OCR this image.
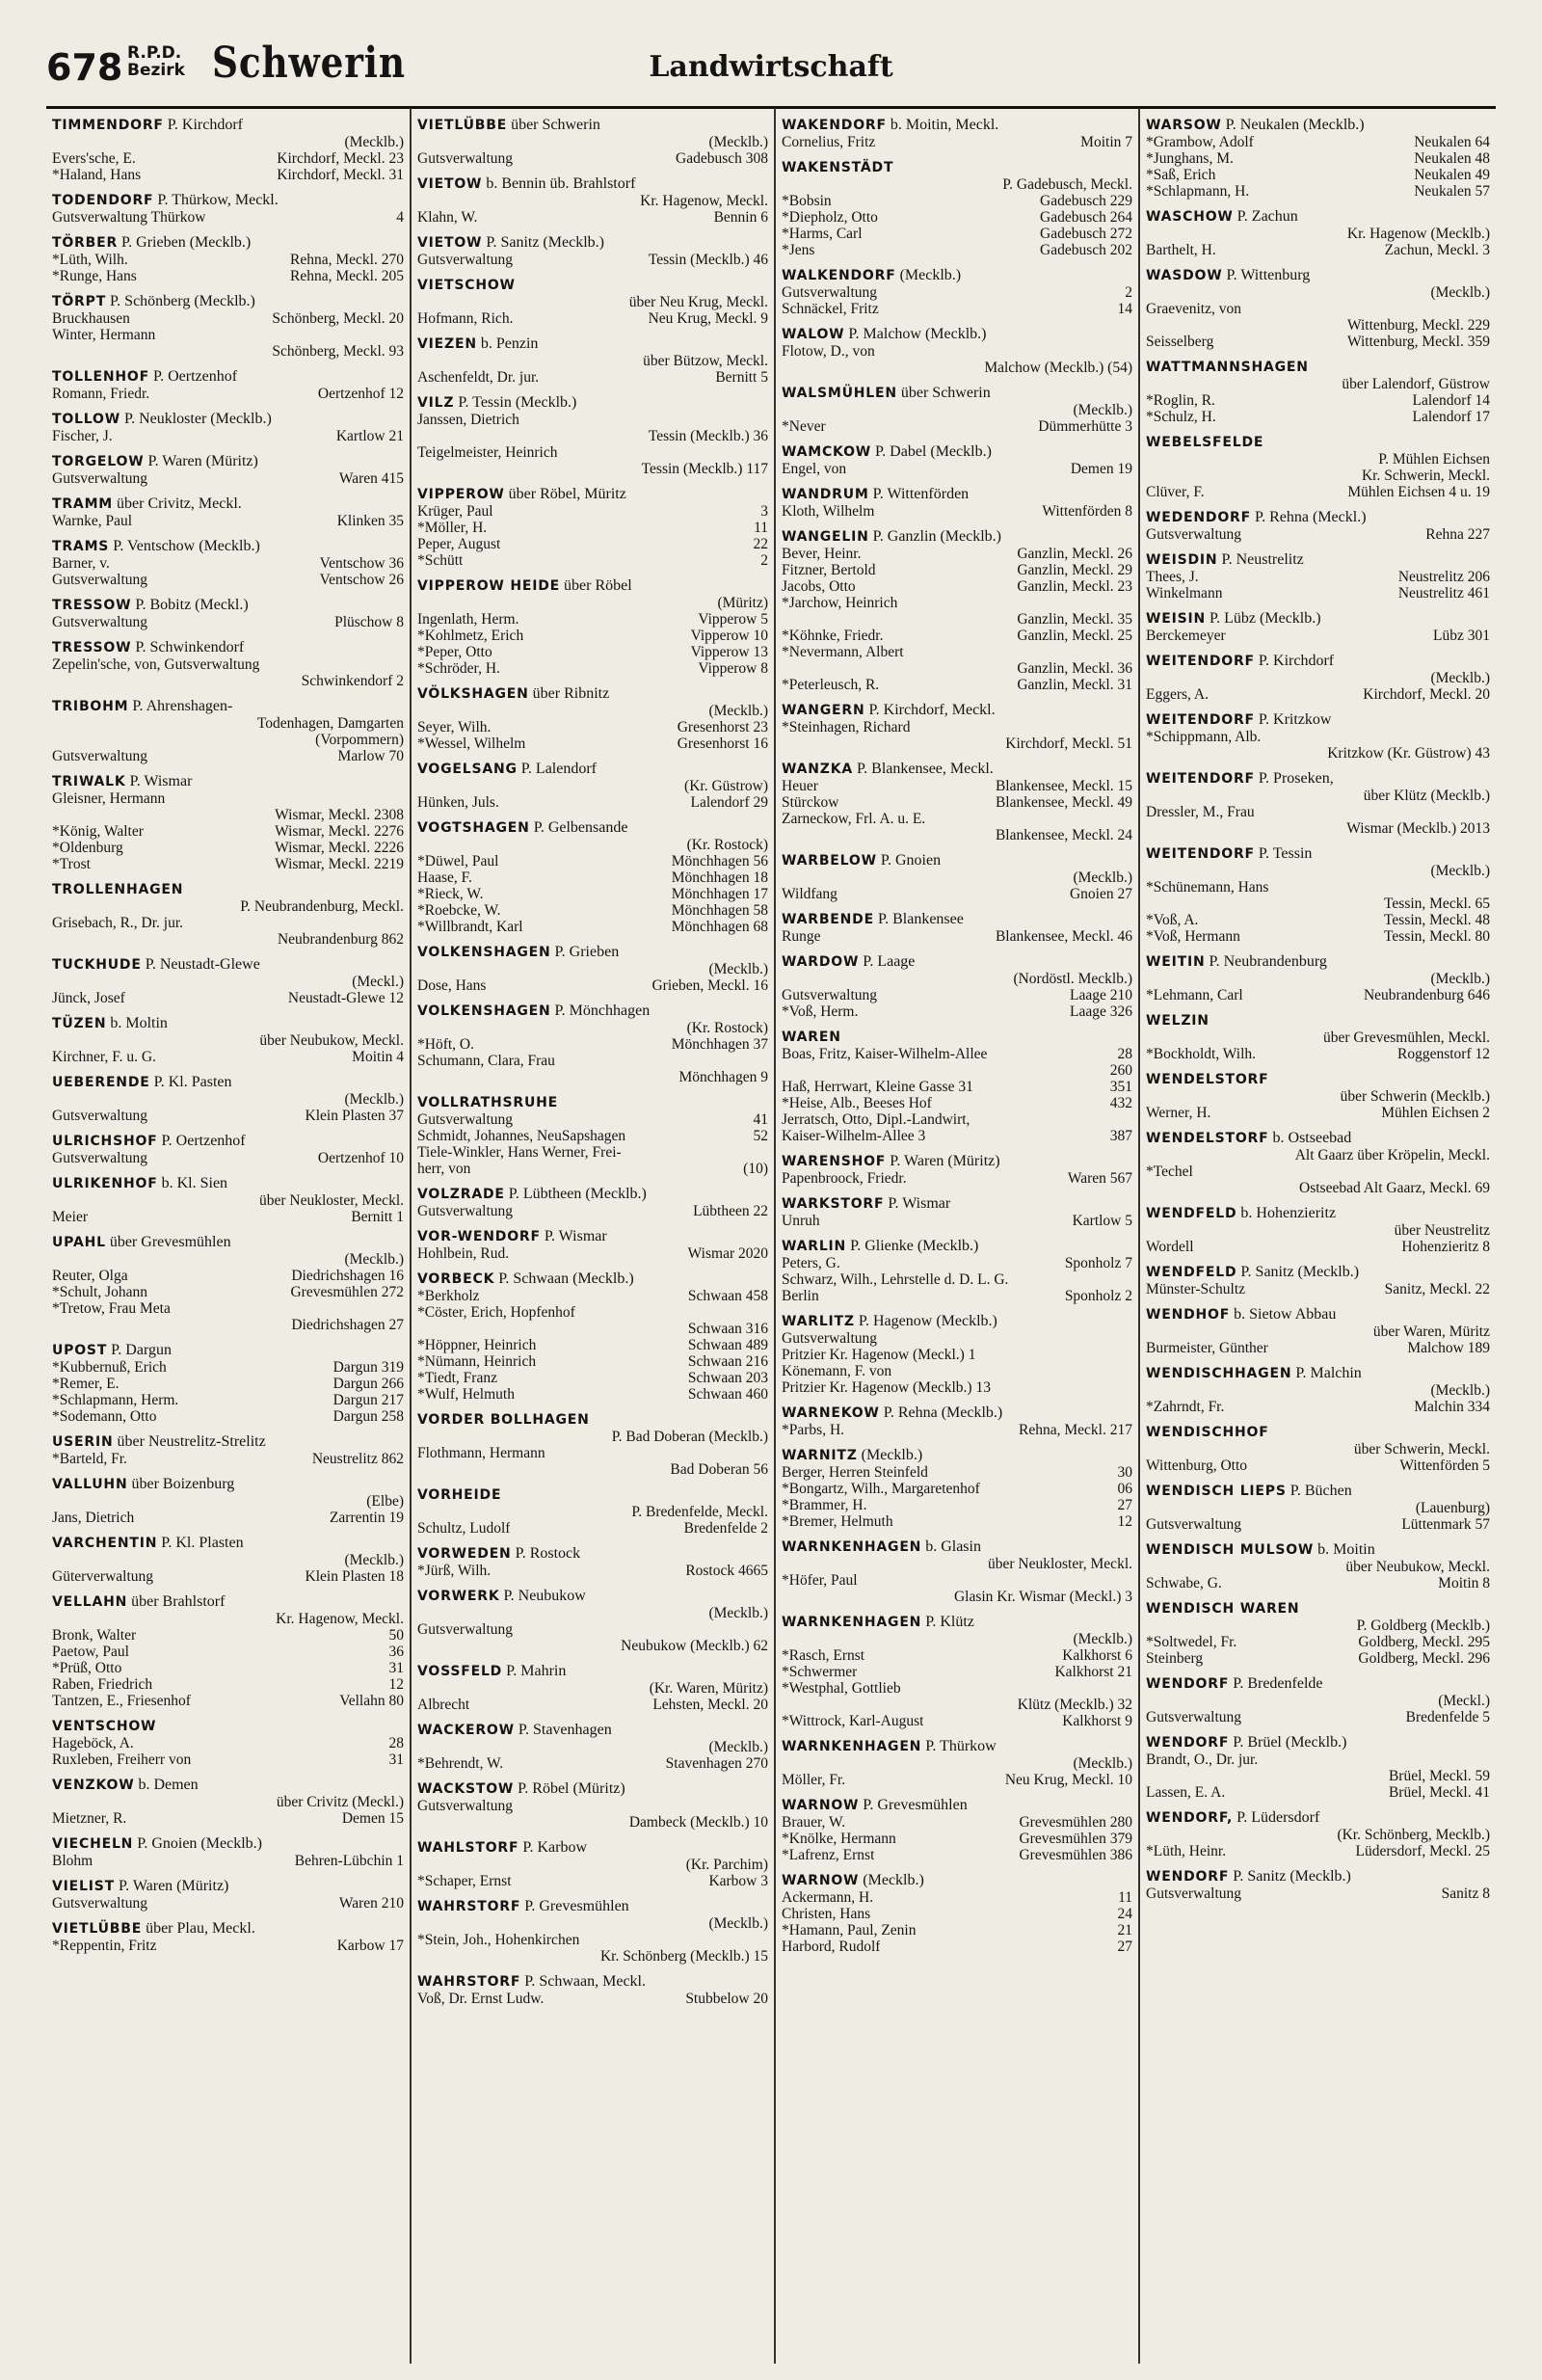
678 R.P.D.
Bezirk Schwerin	Landwirtschaft
TIMMENDORF P. Kirchdorf
(Mecklb.)
Evers'sche, E.	Kirchdorf, Meckl. 23
*Haland, Hans	Kirchdorf, Meckl. 31
TODENDORF P. Thürkow, Meckl.
Gutsverwaltung Thürkow	4
TÖRBER P. Grieben (Mecklb.)
*Lüth, Wilh.	Rehna, Meckl. 270
*Runge, Hans	Rehna, Meckl. 205
TÖRPT P. Schönberg (Mecklb.)
Bruckhausen	Schönberg, Meckl. 20
Winter, Hermann
Schönberg, Meckl. 93
TOLLENHOF P. Oertzenhof
Romann, Friedr.	Oertzenhof 12
TOLLOW P. Neukloster (Mecklb.)
Fischer, J.	Kartlow 21
TORGELOW P. Waren (Müritz)
Gutsverwaltung	Waren 415
TRAMM über Crivitz, Meckl.
Warnke, Paul	Klinken 35
TRAMS P. Ventschow (Mecklb.)
Barner, v.	Ventschow 36
Gutsverwaltung	Ventschow 26
TRESSOW P. Bobitz (Meckl.)
Gutsverwaltung	Plüschow 8
TRESSOW P. Schwinkendorf
Zepelin'sche, von, Gutsverwaltung
Schwinkendorf 2
TRIBOHM P. Ahrenshagen-
Todenhagen, Damgarten
(Vorpommern)
Gutsverwaltung	Marlow 70
TRIWALK P. Wismar
Gleisner, Hermann
Wismar, Meckl. 2308
*König, Walter	Wismar, Meckl. 2276
*Oldenburg	Wismar, Meckl. 2226
*Trost	Wismar, Meckl. 2219
TROLLENHAGEN
P. Neubrandenburg, Meckl.
Grisebach, R., Dr. jur.
Neubrandenburg 862
TUCKHUDE P. Neustadt-Glewe
(Meckl.)
Jünck, Josef	Neustadt-Glewe 12
TÜZEN b. Moltin
über Neubukow, Meckl.
Kirchner, F. u. G.	Moitin 4
UEBERENDE P. Kl. Pasten
(Mecklb.)
Gutsverwaltung	Klein Plasten 37
ULRICHSHOF P. Oertzenhof
Gutsverwaltung	Oertzenhof 10
ULRIKENHOF b. Kl. Sien
über Neukloster, Meckl.
Meier	Bernitt 1
UPAHL über Grevesmühlen
(Mecklb.)
Reuter, Olga	Diedrichshagen 16
*Schult, Johann	Grevesmühlen 272
*Tretow, Frau Meta
Diedrichshagen 27
UPOST P. Dargun
*Kubbernuß, Erich	Dargun 319
*Remer, E.	Dargun 266
*Schlapmann, Herm.	Dargun 217
*Sodemann, Otto	Dargun 258
USERIN über Neustrelitz-Strelitz
*Barteld, Fr.	Neustrelitz 862
VALLUHN über Boizenburg
(Elbe)
Jans, Dietrich	Zarrentin 19
VARCHENTIN P. Kl. Plasten
(Mecklb.)
Güterverwaltung	Klein Plasten 18
VELLAHN über Brahlstorf
Kr. Hagenow, Meckl.
Bronk, Walter	50
Paetow, Paul	36
*Prüß, Otto	31
Raben, Friedrich	12
Tantzen, E., Friesenhof	Vellahn 80
VENTSCHOW
Hageböck, A.	28
Ruxleben, Freiherr von	31
VENZKOW b. Demen
über Crivitz (Meckl.)
Mietzner, R.	Demen 15
VIECHELN P. Gnoien (Mecklb.)
Blohm	Behren-Lübchin 1
VIELIST P. Waren (Müritz)
Gutsverwaltung	Waren 210
VIETLÜBBE über Plau, Meckl.
*Reppentin, Fritz	Karbow 17
VIETLÜBBE über Schwerin
(Mecklb.)
Gutsverwaltung	Gadebusch 308
VIETOW b. Bennin üb. Brahlstorf
Kr. Hagenow, Meckl.
Klahn, W.	Bennin 6
VIETOW P. Sanitz (Mecklb.)
Gutsverwaltung	Tessin (Mecklb.) 46
VIETSCHOW
über Neu Krug, Meckl.
Hofmann, Rich.	Neu Krug, Meckl. 9
VIEZEN b. Penzin
über Bützow, Meckl.
Aschenfeldt, Dr. jur.	Bernitt 5
VILZ P. Tessin (Mecklb.)
Janssen, Dietrich
Tessin (Mecklb.) 36
Teigelmeister, Heinrich
Tessin (Mecklb.) 117
VIPPEROW über Röbel, Müritz
Krüger, Paul	3
*Möller, H.	11
Peper, August	22
*Schütt	2
VIPPEROW HEIDE über Röbel
(Müritz)
Ingenlath, Herm.	Vipperow 5
*Kohlmetz, Erich	Vipperow 10
*Peper, Otto	Vipperow 13
*Schröder, H.	Vipperow 8
VÖLKSHAGEN über Ribnitz
(Mecklb.)
Seyer, Wilh.	Gresenhorst 23
*Wessel, Wilhelm	Gresenhorst 16
VOGELSANG P. Lalendorf
(Kr. Güstrow)
Hünken, Juls.	Lalendorf 29
VOGTSHAGEN P. Gelbensande
(Kr. Rostock)
*Düwel, Paul	Mönchhagen 56
Haase, F.	Mönchhagen 18
*Rieck, W.	Mönchhagen 17
*Roebcke, W.	Mönchhagen 58
*Willbrandt, Karl	Mönchhagen 68
VOLKENSHAGEN P. Grieben
(Mecklb.)
Dose, Hans	Grieben, Meckl. 16
VOLKENSHAGEN P. Mönchhagen
(Kr. Rostock)
*Höft, O.	Mönchhagen 37
Schumann, Clara, Frau
Mönchhagen 9
VOLLRATHSRUHE
Gutsverwaltung	41
Schmidt, Johannes, NeuSapshagen	52
Tiele-Winkler, Hans Werner, Frei-
herr, von	(10)
VOLZRADE P. Lübtheen (Mecklb.)
Gutsverwaltung	Lübtheen 22
VOR-WENDORF P. Wismar
Hohlbein, Rud.	Wismar 2020
VORBECK P. Schwaan (Mecklb.)
*Berkholz	Schwaan 458
*Cöster, Erich, Hopfenhof
Schwaan 316
*Höppner, Heinrich	Schwaan 489
*Nümann, Heinrich	Schwaan 216
*Tiedt, Franz	Schwaan 203
*Wulf, Helmuth	Schwaan 460
VORDER BOLLHAGEN
P. Bad Doberan (Mecklb.)
Flothmann, Hermann
Bad Doberan 56
VORHEIDE
P. Bredenfelde, Meckl.
Schultz, Ludolf	Bredenfelde 2
VORWEDEN P. Rostock
*Jürß, Wilh.	Rostock 4665
VORWERK P. Neubukow
(Mecklb.)
Gutsverwaltung
Neubukow (Mecklb.) 62
VOSSFELD P. Mahrin
(Kr. Waren, Müritz)
Albrecht	Lehsten, Meckl. 20
WACKEROW P. Stavenhagen
(Mecklb.)
*Behrendt, W.	Stavenhagen 270
WACKSTOW P. Röbel (Müritz)
Gutsverwaltung
Dambeck (Mecklb.) 10
WAHLSTORF P. Karbow
(Kr. Parchim)
*Schaper, Ernst	Karbow 3
WAHRSTORF P. Grevesmühlen
(Mecklb.)
*Stein, Joh., Hohenkirchen
Kr. Schönberg (Mecklb.) 15
WAHRSTORF P. Schwaan, Meckl.
Voß, Dr. Ernst Ludw.	Stubbelow 20
WAKENDORF b. Moitin, Meckl.
Cornelius, Fritz	Moitin 7
WAKENSTÄDT
P. Gadebusch, Meckl.
*Bobsin	Gadebusch 229
*Diepholz, Otto	Gadebusch 264
*Harms, Carl	Gadebusch 272
*Jens	Gadebusch 202
WALKENDORF (Mecklb.)
Gutsverwaltung	2
Schnäckel, Fritz	14
WALOW P. Malchow (Mecklb.)
Flotow, D., von
Malchow (Mecklb.) (54)
WALSMÜHLEN über Schwerin
(Mecklb.)
*Never	Dümmerhütte 3
WAMCKOW P. Dabel (Mecklb.)
Engel, von	Demen 19
WANDRUM P. Wittenförden
Kloth, Wilhelm	Wittenförden 8
WANGELIN P. Ganzlin (Mecklb.)
Bever, Heinr.	Ganzlin, Meckl. 26
Fitzner, Bertold	Ganzlin, Meckl. 29
Jacobs, Otto	Ganzlin, Meckl. 23
*Jarchow, Heinrich
Ganzlin, Meckl. 35
*Köhnke, Friedr.	Ganzlin, Meckl. 25
*Nevermann, Albert
Ganzlin, Meckl. 36
*Peterleusch, R.	Ganzlin, Meckl. 31
WANGERN P. Kirchdorf, Meckl.
*Steinhagen, Richard
Kirchdorf, Meckl. 51
WANZKA P. Blankensee, Meckl.
Heuer	Blankensee, Meckl. 15
Stürckow	Blankensee, Meckl. 49
Zarneckow, Frl. A. u. E.
Blankensee, Meckl. 24
WARBELOW P. Gnoien
(Mecklb.)
Wildfang	Gnoien 27
WARBENDE P. Blankensee
Runge	Blankensee, Meckl. 46
WARDOW P. Laage
(Nordöstl. Mecklb.)
Gutsverwaltung	Laage 210
*Voß, Herm.	Laage 326
WAREN
Boas, Fritz, Kaiser-Wilhelm-Allee	28
260
Haß, Herrwart, Kleine Gasse 31	351
*Heise, Alb., Beeses Hof	432
Jerratsch, Otto, Dipl.-Landwirt,
Kaiser-Wilhelm-Allee 3	387
WARENSHOF P. Waren (Müritz)
Papenbroock, Friedr.	Waren 567
WARKSTORF P. Wismar
Unruh	Kartlow 5
WARLIN P. Glienke (Mecklb.)
Peters, G.	Sponholz 7
Schwarz, Wilh., Lehrstelle d. D. L. G.
Berlin	Sponholz 2
WARLITZ P. Hagenow (Mecklb.)
Gutsverwaltung
Pritzier Kr. Hagenow (Meckl.) 1
Könemann, F. von
Pritzier Kr. Hagenow (Mecklb.) 13
WARNEKOW P. Rehna (Mecklb.)
*Parbs, H.	Rehna, Meckl. 217
WARNITZ (Mecklb.)
Berger, Herren Steinfeld	30
*Bongartz, Wilh., Margaretenhof	06
*Brammer, H.	27
*Bremer, Helmuth	12
WARNKENHAGEN b. Glasin
über Neukloster, Meckl.
*Höfer, Paul
Glasin Kr. Wismar (Meckl.) 3
WARNKENHAGEN P. Klütz
(Mecklb.)
*Rasch, Ernst	Kalkhorst 6
*Schwermer	Kalkhorst 21
*Westphal, Gottlieb
Klütz (Mecklb.) 32
*Wittrock, Karl-August	Kalkhorst 9
WARNKENHAGEN P. Thürkow
(Mecklb.)
Möller, Fr.	Neu Krug, Meckl. 10
WARNOW P. Grevesmühlen
Brauer, W.	Grevesmühlen 280
*Knölke, Hermann	Grevesmühlen 379
*Lafrenz, Ernst	Grevesmühlen 386
WARNOW (Mecklb.)
Ackermann, H.	11
Christen, Hans	24
*Hamann, Paul, Zenin	21
Harbord, Rudolf	27
WARSOW P. Neukalen (Mecklb.)
*Grambow, Adolf	Neukalen 64
*Junghans, M.	Neukalen 48
*Saß, Erich	Neukalen 49
*Schlapmann, H.	Neukalen 57
WASCHOW P. Zachun
Kr. Hagenow (Mecklb.)
Barthelt, H.	Zachun, Meckl. 3
WASDOW P. Wittenburg
(Mecklb.)
Graevenitz, von
Wittenburg, Meckl. 229
Seisselberg	Wittenburg, Meckl. 359
WATTMANNSHAGEN
über Lalendorf, Güstrow
*Roglin, R.	Lalendorf 14
*Schulz, H.	Lalendorf 17
WEBELSFELDE
P. Mühlen Eichsen
Kr. Schwerin, Meckl.
Clüver, F.	Mühlen Eichsen 4 u. 19
WEDENDORF P. Rehna (Meckl.)
Gutsverwaltung	Rehna 227
WEISDIN P. Neustrelitz
Thees, J.	Neustrelitz 206
Winkelmann	Neustrelitz 461
WEISIN P. Lübz (Mecklb.)
Berckemeyer	Lübz 301
WEITENDORF P. Kirchdorf
(Mecklb.)
Eggers, A.	Kirchdorf, Meckl. 20
WEITENDORF P. Kritzkow
*Schippmann, Alb.
Kritzkow (Kr. Güstrow) 43
WEITENDORF P. Proseken,
über Klütz (Mecklb.)
Dressler, M., Frau
Wismar (Mecklb.) 2013
WEITENDORF P. Tessin
(Mecklb.)
*Schünemann, Hans
Tessin, Meckl. 65
*Voß, A.	Tessin, Meckl. 48
*Voß, Hermann	Tessin, Meckl. 80
WEITIN P. Neubrandenburg
(Mecklb.)
*Lehmann, Carl	Neubrandenburg 646
WELZIN
über Grevesmühlen, Meckl.
*Bockholdt, Wilh.	Roggenstorf 12
WENDELSTORF
über Schwerin (Mecklb.)
Werner, H.	Mühlen Eichsen 2
WENDELSTORF b. Ostseebad
Alt Gaarz über Kröpelin, Meckl.
*Techel
Ostseebad Alt Gaarz, Meckl. 69
WENDFELD b. Hohenzieritz
über Neustrelitz
Wordell	Hohenzieritz 8
WENDFELD P. Sanitz (Mecklb.)
Münster-Schultz	Sanitz, Meckl. 22
WENDHOF b. Sietow Abbau
über Waren, Müritz
Burmeister, Günther	Malchow 189
WENDISCHHAGEN P. Malchin
(Mecklb.)
*Zahrndt, Fr.	Malchin 334
WENDISCHHOF
über Schwerin, Meckl.
Wittenburg, Otto	Wittenförden 5
WENDISCH LIEPS P. Büchen
(Lauenburg)
Gutsverwaltung	Lüttenmark 57
WENDISCH MULSOW b. Moitin
über Neubukow, Meckl.
Schwabe, G.	Moitin 8
WENDISCH WAREN
P. Goldberg (Mecklb.)
*Soltwedel, Fr.	Goldberg, Meckl. 295
Steinberg	Goldberg, Meckl. 296
WENDORF P. Bredenfelde
(Meckl.)
Gutsverwaltung	Bredenfelde 5
WENDORF P. Brüel (Mecklb.)
Brandt, O., Dr. jur.
Brüel, Meckl. 59
Lassen, E. A.	Brüel, Meckl. 41
WENDORF, P. Lüdersdorf
(Kr. Schönberg, Mecklb.)
*Lüth, Heinr.	Lüdersdorf, Meckl. 25
WENDORF P. Sanitz (Mecklb.)
Gutsverwaltung	Sanitz 8
